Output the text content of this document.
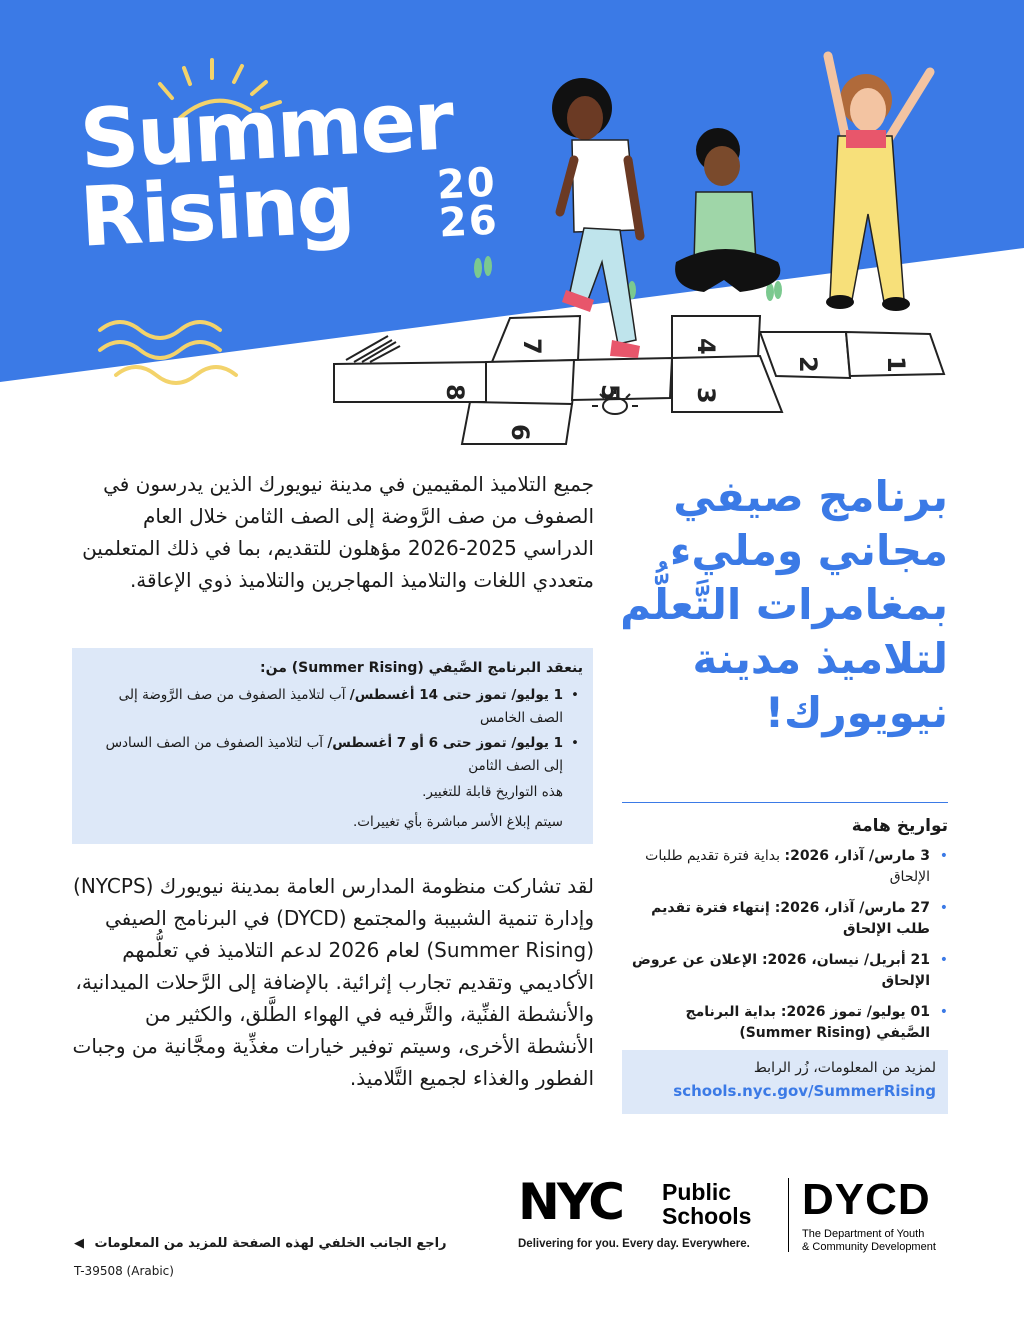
8
7
6
5
4
3
2	1
Summer
Rising	20
26
برنامج صيفي مجاني ومليء بمغامرات التَّعلُّم لتلاميذ مدينة نيويورك!
تواريخ هامة
• 3 مارس/ آذار، 2026: بداية فترة تقديم طلبات الإلحاق
• 27 مارس/ آذار، 2026: إنتهاء فترة تقديم طلب الإلحاق
• 21 أبريل/ نيسان، 2026: الإعلان عن عروض الإلحاق
• 01 يوليو/ تموز 2026: بداية البرنامج الصَّيفي (Summer Rising)
لمزيد من المعلومات، زُر الرابط
schools.nyc.gov/SummerRising
جميع التلاميذ المقيمين في مدينة نيويورك الذين يدرسون في الصفوف من صف الرَّوضة إلى الصف الثامن خلال العام الدراسي 2025-2026 مؤهلون للتقديم، بما في ذلك المتعلمين متعددي اللغات والتلاميذ المهاجرين والتلاميذ ذوي الإعاقة.
ينعقد البرنامج الصَّيفي (Summer Rising) من:
• 1 يوليو/ تموز حتى 14 أغسطس/ آب لتلاميذ الصفوف من صف الرَّوضة إلى الصف الخامس
• 1 يوليو/ تموز حتى 6 أو 7 أغسطس/ آب لتلاميذ الصفوف من الصف السادس إلى الصف الثامن
هذه التواريخ قابلة للتغيير.
سيتم إبلاغ الأسر مباشرة بأي تغييرات.
لقد تشاركت منظومة المدارس العامة بمدينة نيويورك (NYCPS) وإدارة تنمية الشبيبة والمجتمع (DYCD) في البرنامج الصيفي (Summer Rising) لعام 2026 لدعم التلاميذ في تعلُّمهم الأكاديمي وتقديم تجارب إثرائية. بالإضافة إلى الرَّحلات الميدانية، والأنشطة الفنِّية، والتَّرفيه في الهواء الطَّلق، والكثير من الأنشطة الأخرى، وسيتم توفير خيارات مغذِّية ومجَّانية من وجبات الفطور والغذاء لجميع التَّلاميذ.
راجع الجانب الخلفي لهذه الصفحة للمزيد من المعلومات ◀
T-39508 (Arabic)
NYC Public
Schools
Delivering for you. Every day. Everywhere.
DYCD
The Department of Youth
& Community Development
